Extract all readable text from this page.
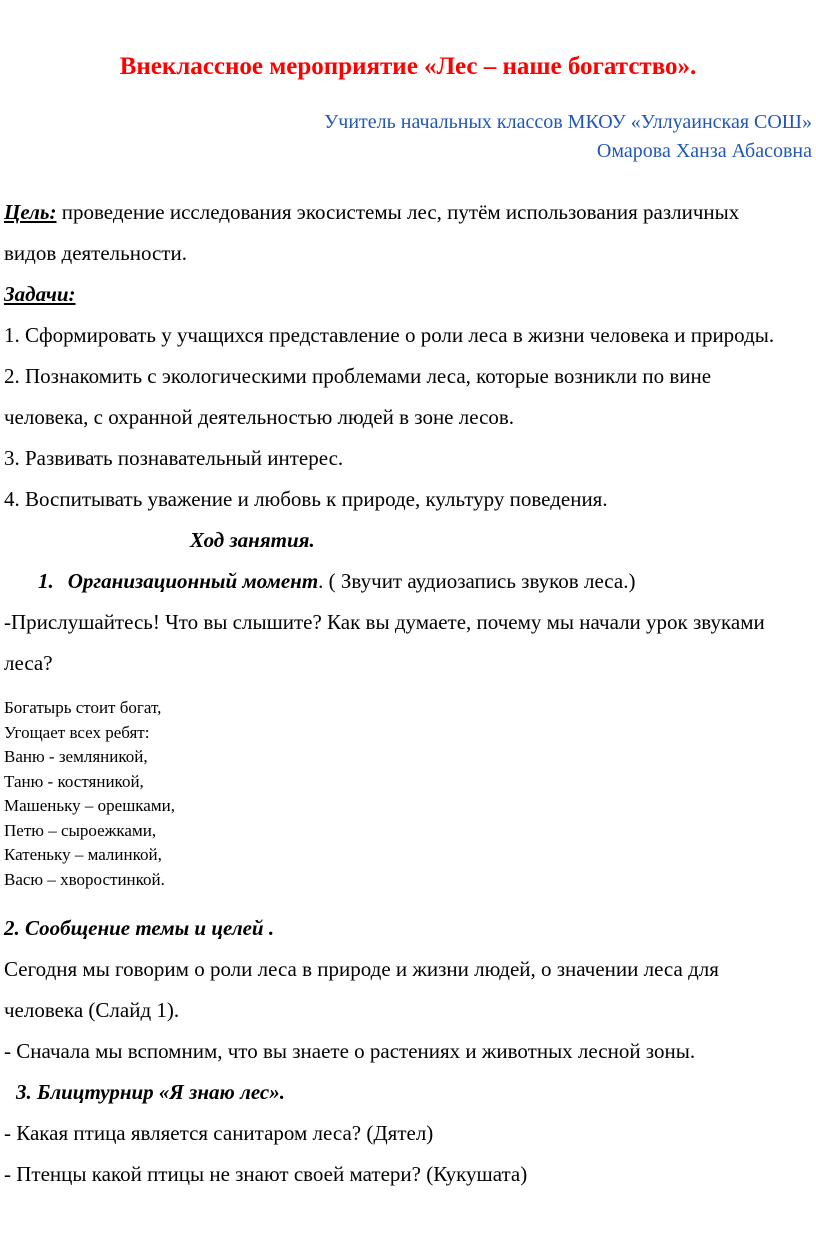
Внеклассное мероприятие «Лес – наше богатство».
Учитель начальных классов МКОУ «Уллуаинская СОШ»
Омарова Ханза Абасовна

Цель: проведение исследования экосистемы лес, путём использования различных видов деятельности.

Задачи:

1. Сформировать у учащихся представление о роли леса в жизни человека и природы.

2. Познакомить с экологическими проблемами леса, которые возникли по вине человека, с охранной деятельностью людей в зоне лесов.

3. Развивать познавательный интерес.

4. Воспитывать уважение и любовь к природе, культуру поведения.

Ход занятия.

1. Организационный момент. ( Звучит аудиозапись звуков леса.)

-Прислушайтесь! Что вы слышите? Как вы думаете, почему мы начали урок звуками леса?

Богатырь стоит богат,
Угощает всех ребят:
Ваню - земляникой,
Таню - костяникой,
Машеньку – орешками,
Петю – сыроежками,
Катеньку – малинкой,
Васю – хворостинкой.

2. Сообщение темы и целей .

Сегодня мы говорим о роли леса в природе и жизни людей, о значении леса для человека (Слайд 1).

- Сначала мы вспомним, что вы знаете о растениях и животных лесной зоны.

3. Блицтурнир «Я знаю лес».

- Какая птица является санитаром леса? (Дятел)

- Птенцы какой птицы не знают своей матери? (Кукушата)
